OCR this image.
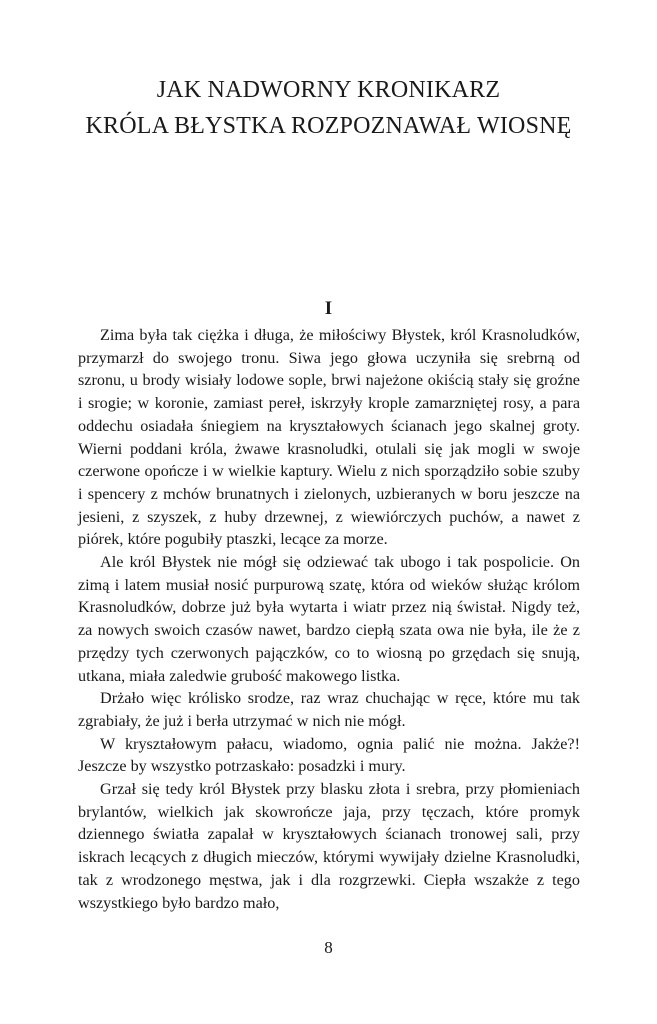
JAK NADWORNY KRONIKARZ
KRÓLA BŁYSTKA ROZPOZNAWAŁ WIOSNĘ
I

Zima była tak ciężka i długa, że miłościwy Błystek, król Krasnoludków, przymarzł do swojego tronu. Siwa jego głowa uczyniła się srebrną od szronu, u brody wisiały lodowe sople, brwi najeżone okiścią stały się groźne i srogie; w koronie, zamiast pereł, iskrzyły krople zamarzniętej rosy, a para oddechu osiadała śniegiem na kryształowych ścianach jego skalnej groty. Wierni poddani króla, żwawe krasnoludki, otulali się jak mogli w swoje czerwone opończe i w wielkie kaptury. Wielu z nich sporządziło sobie szuby i spencery z mchów brunatnych i zielonych, uzbieranych w boru jeszcze na jesieni, z szyszek, z huby drzewnej, z wiewiórczych puchów, a nawet z piórek, które pogubiły ptaszki, lecące za morze.

Ale król Błystek nie mógł się odziewać tak ubogo i tak pospolicie. On zimą i latem musiał nosić purpurową szatę, która od wieków służąc królom Krasnoludków, dobrze już była wytarta i wiatr przez nią świstał. Nigdy też, za nowych swoich czasów nawet, bardzo ciepłą szata owa nie była, ile że z przędzy tych czerwonych pajączków, co to wiosną po grzędach się snują, utkana, miała zaledwie grubość makowego listka.

Drżało więc królisko srodze, raz wraz chuchając w ręce, które mu tak zgrabiały, że już i berła utrzymać w nich nie mógł.

W kryształowym pałacu, wiadomo, ognia palić nie można. Jakże?! Jeszcze by wszystko potrzaskało: posadzki i mury.

Grzał się tedy król Błystek przy blasku złota i srebra, przy płomieniach brylantów, wielkich jak skowrończe jaja, przy tęczach, które promyk dziennego światła zapalał w kryształowych ścianach tronowej sali, przy iskrach lecących z długich mieczów, którymi wywijały dzielne Krasnoludki, tak z wrodzonego męstwa, jak i dla rozgrzewki. Ciepła wszakże z tego wszystkiego było bardzo mało,

8
